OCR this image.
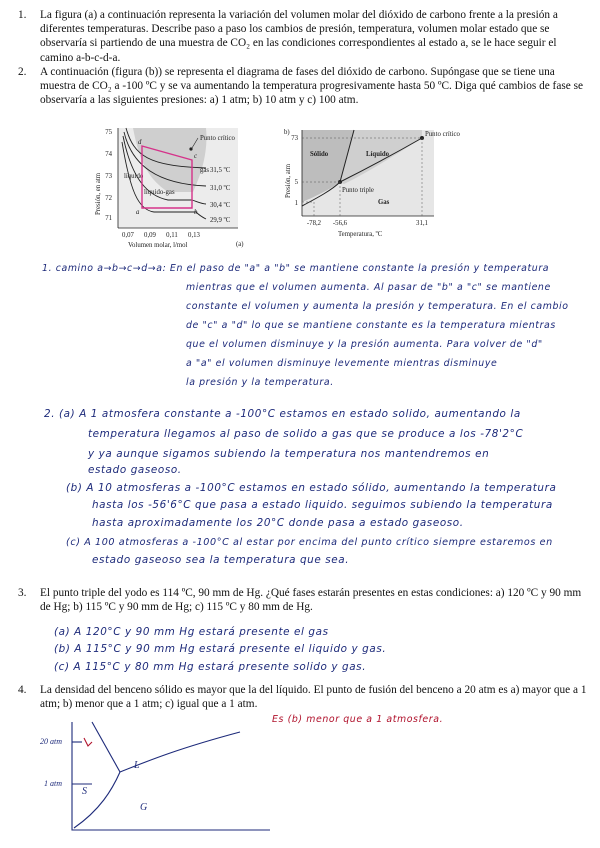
1. La figura (a) a continuación representa la variación del volumen molar del dióxido de carbono frente a la presión a diferentes temperaturas. Describe paso a paso los cambios de presión, temperatura, volumen molar estado que se observaría si partiendo de una muestra de CO₂ en las condiciones correspondientes al estado a, se le hace seguir el camino a-b-c-d-a.
2. A continuación (figura (b)) se representa el diagrama de fases del dióxido de carbono. Supóngase que se tiene una muestra de CO₂ a -100 ºC y se va aumentando la temperatura progresivamente hasta 50 ºC. Diga qué cambios de fase se observaría a las siguientes presiones: a) 1 atm; b) 10 atm y c) 100 atm.
75
74
73
72
71
0,07 0,09 0,11 0,13
Volumen molar, l/mol	(a)
Presión, en atm
Punto crítico
líquido
líquido-gas
gas 31,5 ºC
31,0 ºC
30,4 ºC
29,9 ºC
d
c
b
a
b)
73
5
1
-78,2 -56,6	31,1
Temperatura, ºC
Presión, atm
Punto crítico
Punto triple
Sólido	Líquido
Gas
1. camino a→b→c→d→a: En el paso de "a" a "b" se mantiene constante la presión y temperatura
mientras que el volumen aumenta. Al pasar de "b" a "c" se mantiene
constante el volumen y aumenta la presión y temperatura. En el cambio
de "c" a "d" lo que se mantiene constante es la temperatura mientras
que el volumen disminuye y la presión aumenta. Para volver de "d"
a "a" el volumen disminuye levemente mientras disminuye
la presión y la temperatura.
2. (a) A 1 atmosfera constante a -100°C estamos en estado solido, aumentando la
temperatura llegamos al paso de solido a gas que se produce a los -78'2°C
y ya aunque sigamos subiendo la temperatura nos mantendremos en
estado gaseoso.
(b) A 10 atmosferas a -100°C estamos en estado sólido, aumentando la temperatura
hasta los -56'6°C que pasa a estado liquido. seguimos subiendo la temperatura
hasta aproximadamente los 20°C donde pasa a estado gaseoso.
(c) A 100 atmosferas a -100°C al estar por encima del punto crítico siempre estaremos en
estado gaseoso sea la temperatura que sea.
3. El punto triple del yodo es 114 ºC, 90 mm de Hg. ¿Qué fases estarán presentes en estas condiciones: a) 120 ºC y 90 mm de Hg; b) 115 ºC y 90 mm de Hg; c) 115 ºC y 80 mm de Hg.
(a) A 120°C y 90 mm Hg estará presente el gas
(b) A 115°C y 90 mm Hg estará presente el liquido y gas.
(c) A 115°C y 80 mm Hg estará presente solido y gas.
4. La densidad del benceno sólido es mayor que la del líquido. El punto de fusión del benceno a 20 atm es a) mayor que a 1 atm; b) menor que a 1 atm; c) igual que a 1 atm.
Es (b) menor que a 1 atmosfera.
20 atm
1 atm
S
L
G
